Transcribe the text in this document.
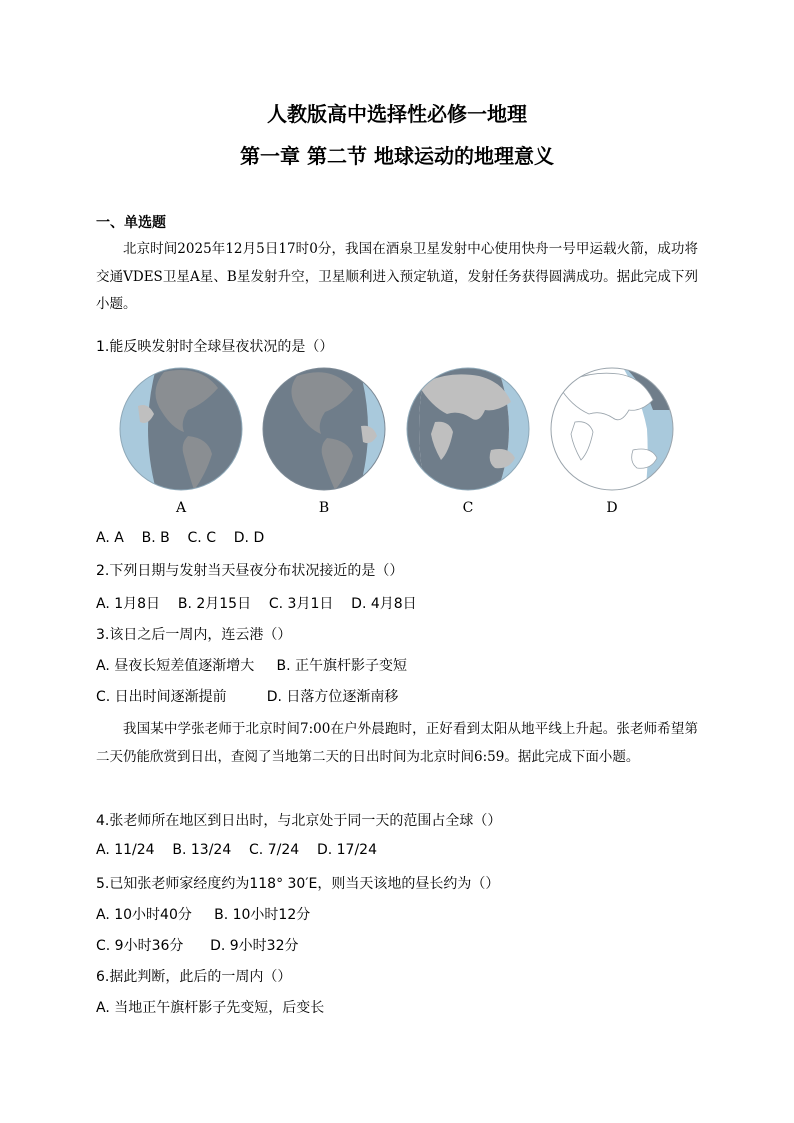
人教版高中选择性必修一地理
第一章 第二节 地球运动的地理意义
一、单选题
北京时间2025年12月5日17时0分，我国在酒泉卫星发射中心使用快舟一号甲运载火箭，成功将交通VDES卫星A星、B星发射升空，卫星顺利进入预定轨道，发射任务获得圆满成功。据此完成下列小题。
1.能反映发射时全球昼夜状况的是（）
A	B	C	D
A. A    B. B    C. C    D. D
2.下列日期与发射当天昼夜分布状况接近的是（）
A. 1月8日    B. 2月15日    C. 3月1日    D. 4月8日
3.该日之后一周内，连云港（）
A. 昼夜长短差值逐渐增大     B. 正午旗杆影子变短
C. 日出时间逐渐提前         D. 日落方位逐渐南移
我国某中学张老师于北京时间7:00在户外晨跑时，正好看到太阳从地平线上升起。张老师希望第二天仍能欣赏到日出，查阅了当地第二天的日出时间为北京时间6:59。据此完成下面小题。
4.张老师所在地区到日出时，与北京处于同一天的范围占全球（）
A. 11/24    B. 13/24    C. 7/24    D. 17/24
5.已知张老师家经度约为118° 30′E，则当天该地的昼长约为（）
A. 10小时40分     B. 10小时12分
C. 9小时36分      D. 9小时32分
6.据此判断，此后的一周内（）
A. 当地正午旗杆影子先变短，后变长
